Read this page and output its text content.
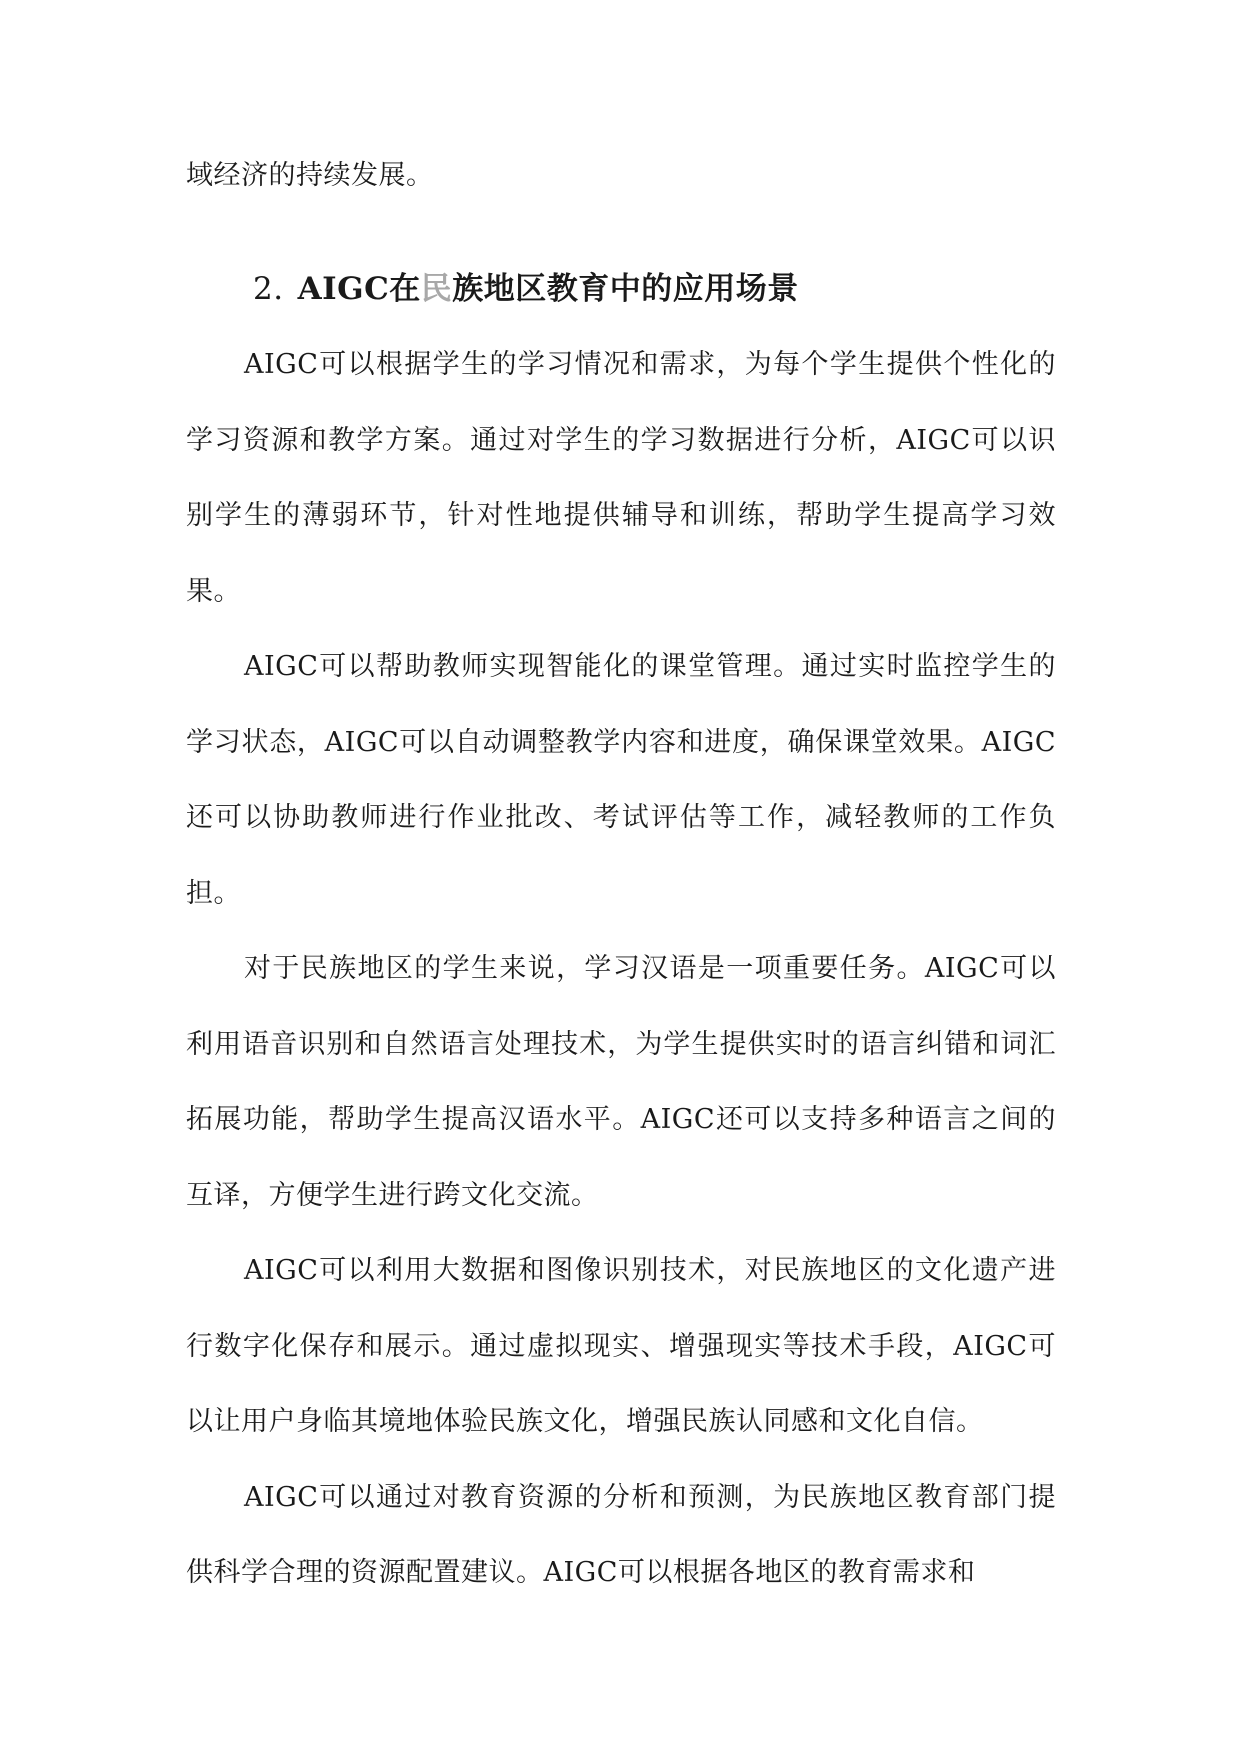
域经济的持续发展。

2. AIGC在民族地区教育中的应用场景

AIGC可以根据学生的学习情况和需求，为每个学生提供个性化的学习资源和教学方案。通过对学生的学习数据进行分析，AIGC可以识别学生的薄弱环节，针对性地提供辅导和训练，帮助学生提高学习效果。

AIGC可以帮助教师实现智能化的课堂管理。通过实时监控学生的学习状态，AIGC可以自动调整教学内容和进度，确保课堂效果。AIGC还可以协助教师进行作业批改、考试评估等工作，减轻教师的工作负担。

对于民族地区的学生来说，学习汉语是一项重要任务。AIGC可以利用语音识别和自然语言处理技术，为学生提供实时的语言纠错和词汇拓展功能，帮助学生提高汉语水平。AIGC还可以支持多种语言之间的互译，方便学生进行跨文化交流。

AIGC可以利用大数据和图像识别技术，对民族地区的文化遗产进行数字化保存和展示。通过虚拟现实、增强现实等技术手段，AIGC可以让用户身临其境地体验民族文化，增强民族认同感和文化自信。

AIGC可以通过对教育资源的分析和预测，为民族地区教育部门提供科学合理的资源配置建议。AIGC可以根据各地区的教育需求和
